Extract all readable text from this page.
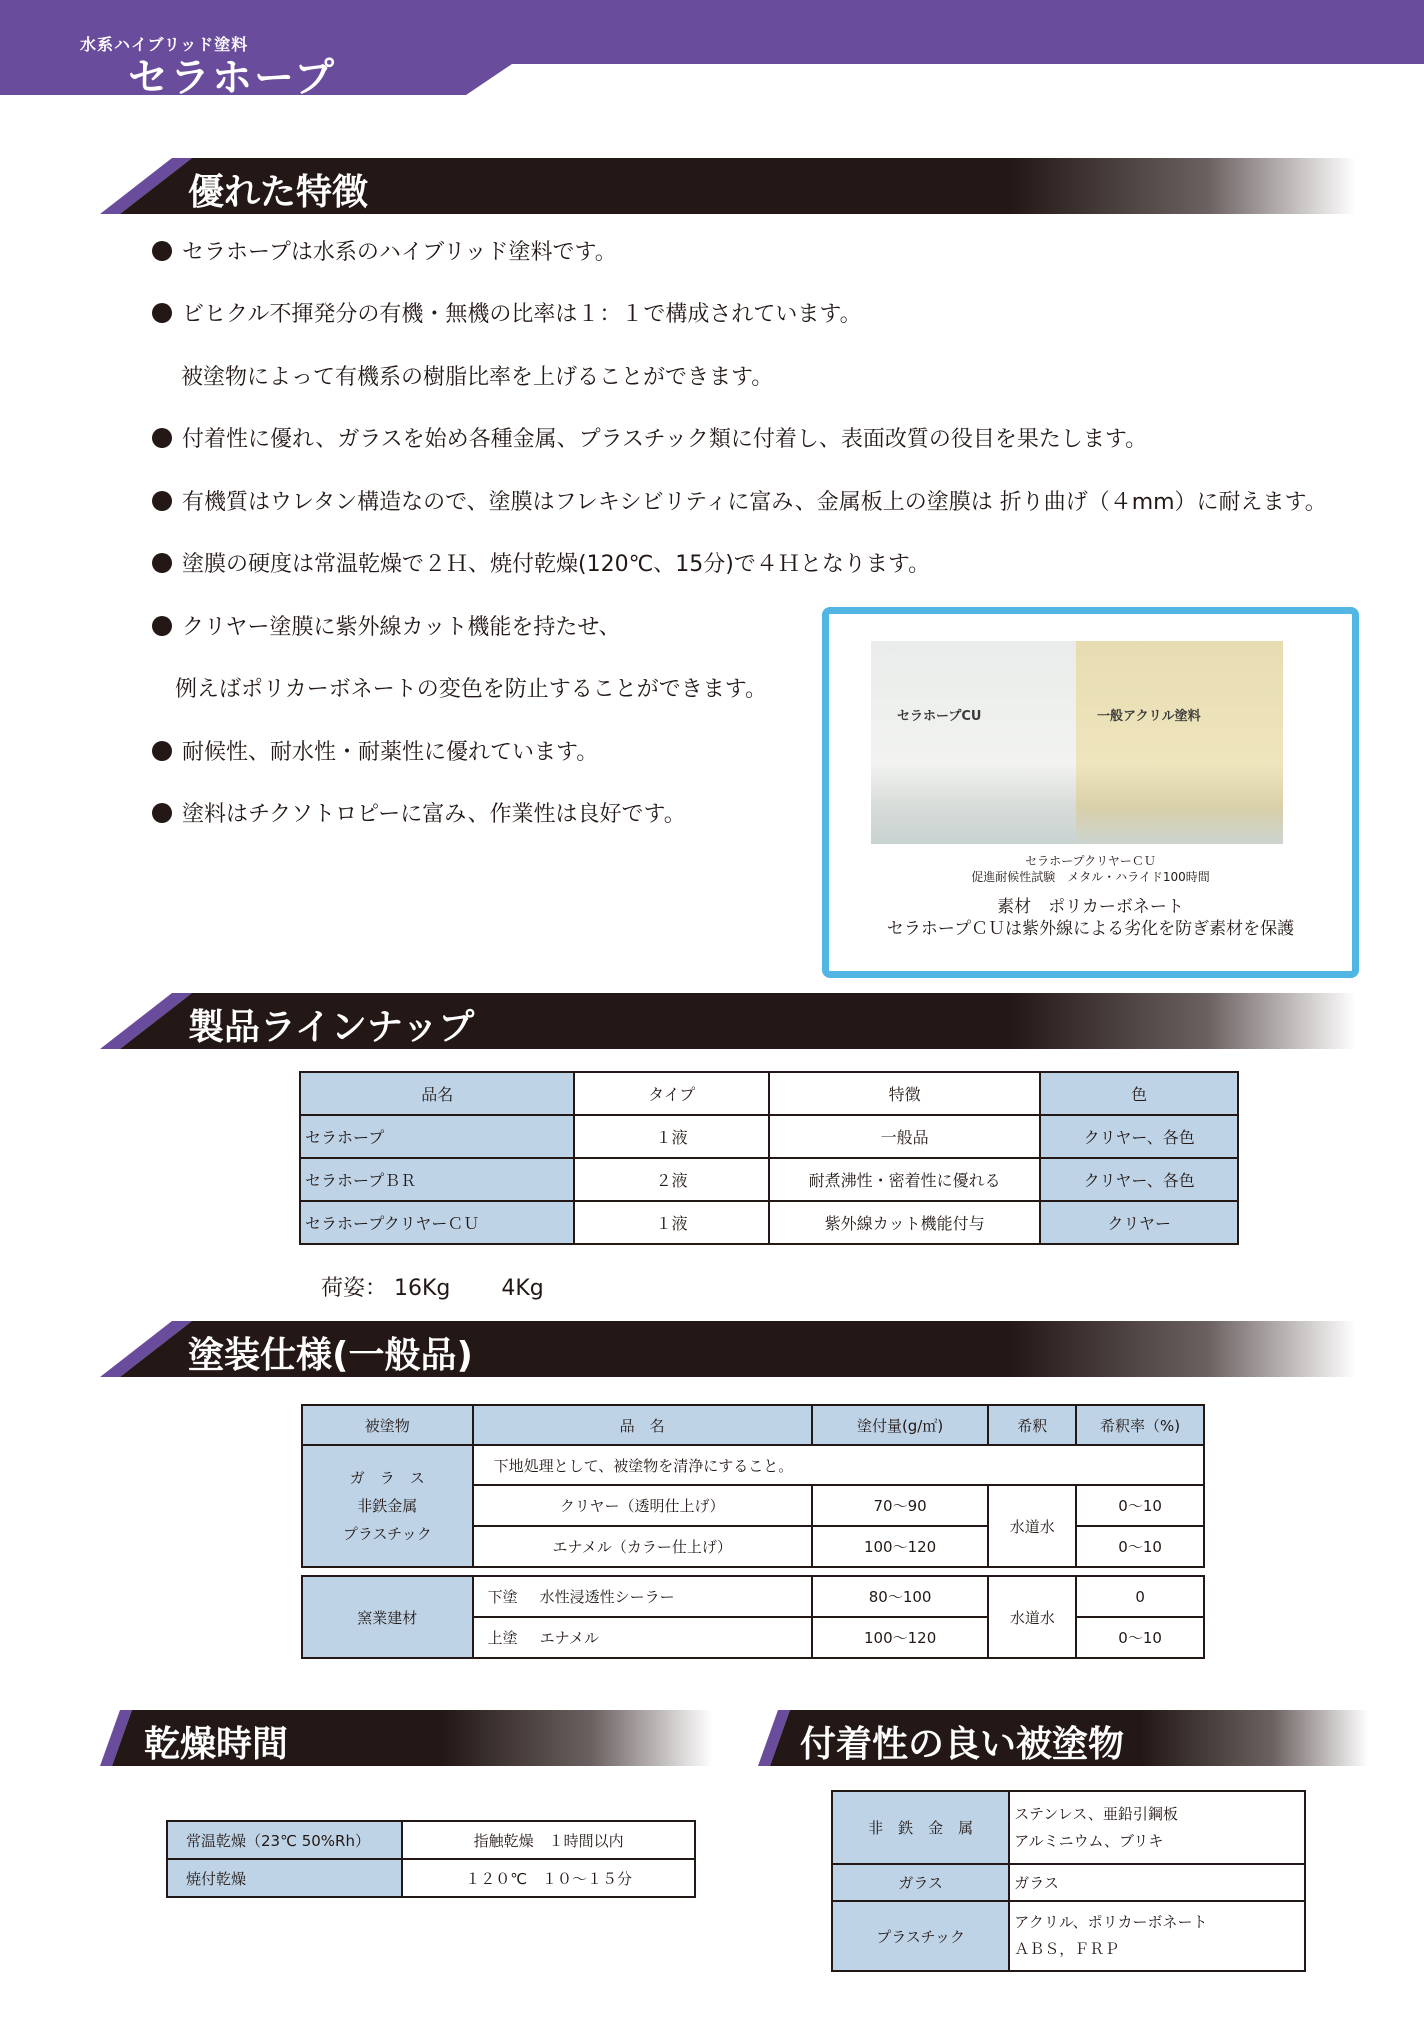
水系ハイブリッド塗料
セラホープ
優れた特徴
セラホープは水系のハイブリッド塗料です。
ビヒクル不揮発分の有機・無機の比率は１：１で構成されています。
被塗物によって有機系の樹脂比率を上げることができます。
付着性に優れ、ガラスを始め各種金属、プラスチック類に付着し、表面改質の役目を果たします。
有機質はウレタン構造なので、塗膜はフレキシビリティに富み、金属板上の塗膜は 折り曲げ（４mm）に耐えます。
塗膜の硬度は常温乾燥で２Ｈ、焼付乾燥(120℃、15分)で４Ｈとなります。
クリヤー塗膜に紫外線カット機能を持たせ、
例えばポリカーボネートの変色を防止することができます。
耐候性、耐水性・耐薬性に優れています。
塗料はチクソトロピーに富み、作業性は良好です。
セラホープCU	一般アクリル塗料
セラホープクリヤーＣＵ
促進耐候性試験　メタル・ハライド100時間
素材　ポリカーボネート
セラホープＣＵは紫外線による劣化を防ぎ素材を保護
製品ラインナップ
品名	タイプ	特徴	色
セラホープ	１液	一般品	クリヤー、各色
セラホープＢＲ	２液	耐煮沸性・密着性に優れる	クリヤー、各色
セラホープクリヤーＣＵ	１液	紫外線カット機能付与	クリヤー
荷姿： 16Kg　　 4Kg
塗装仕様(一般品)
被塗物	品　名	塗付量(g/㎡)	希釈	希釈率（%)

ガ　ラ　ス
非鉄金属
プラスチック	下地処理として、被塗物を清浄にすること。			
	クリヤー（透明仕上げ）	70〜90	水道水	0〜10
	エナメル（カラー仕上げ）	100〜120		0〜10
窯業建材	下塗 水性浸透性シーラー	80〜100	水道水	0
	上塗 エナメル	100〜120		0〜10
乾燥時間
常温乾燥（23℃ 50%Rh）	指触乾燥　１時間以内
焼付乾燥	１２０℃　１０〜１５分
付着性の良い被塗物
非　鉄　金　属	ステンレス、亜鉛引鋼板
アルミニウム、ブリキ

ガラス	ガラス
プラスチック	アクリル、ポリカーボネート
ＡＢＳ，ＦＲＰ
